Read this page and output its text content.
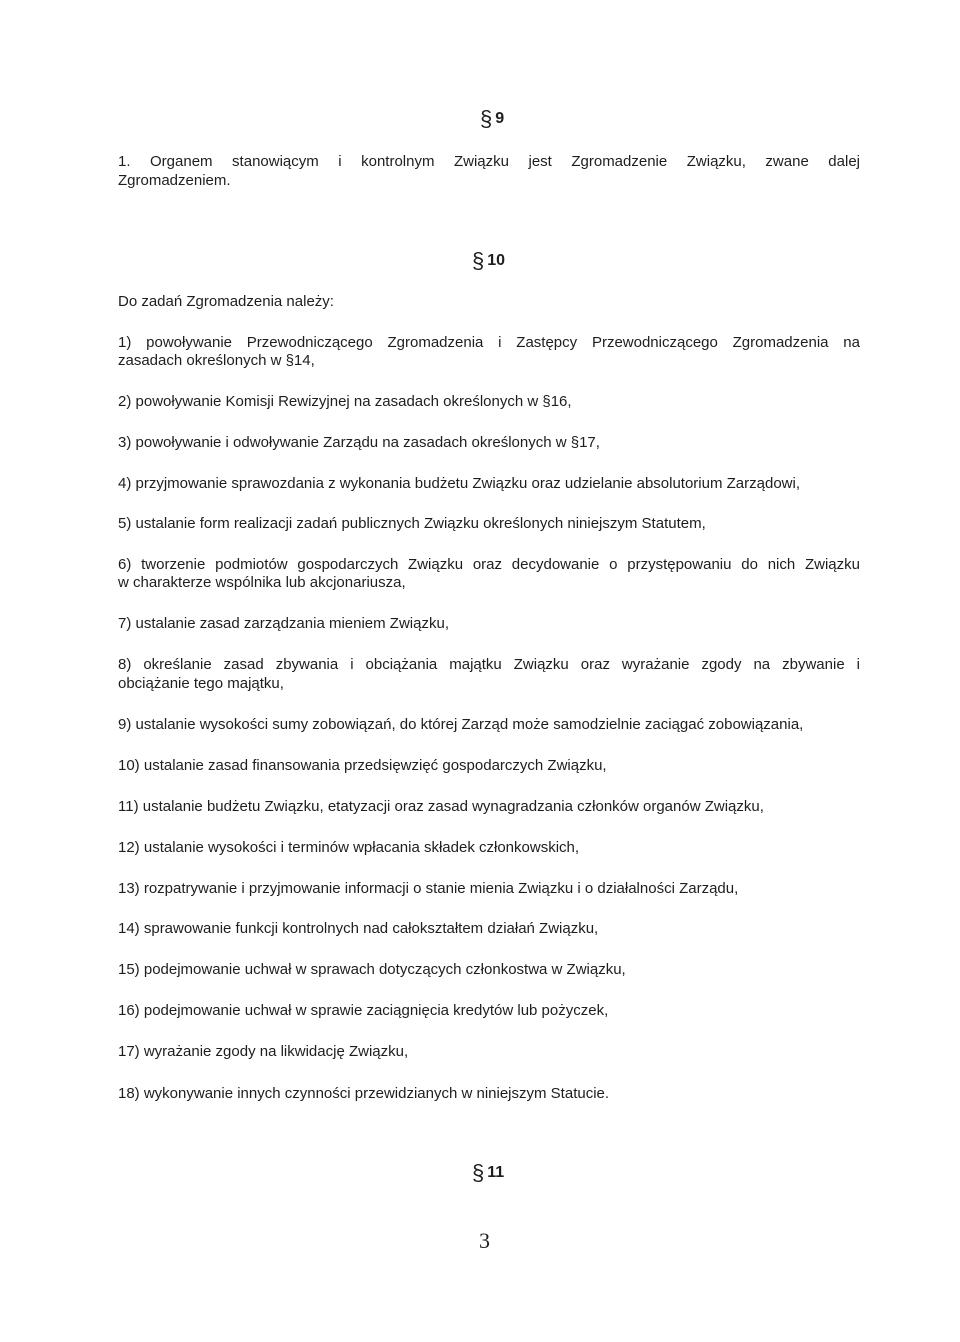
§ 9
1. Organem stanowiącym i kontrolnym Związku jest Zgromadzenie Związku, zwane dalej
Zgromadzeniem.
§ 10
Do zadań Zgromadzenia należy:
1) powoływanie Przewodniczącego Zgromadzenia i Zastępcy Przewodniczącego Zgromadzenia na
zasadach określonych w §14,
2) powoływanie Komisji Rewizyjnej na zasadach określonych w §16,
3) powoływanie i odwoływanie Zarządu na zasadach określonych w §17,
4) przyjmowanie sprawozdania z wykonania budżetu Związku oraz udzielanie absolutorium Zarządowi,
5) ustalanie form realizacji zadań publicznych Związku określonych niniejszym Statutem,
6) tworzenie podmiotów gospodarczych Związku oraz decydowanie o przystępowaniu do nich Związku
w charakterze wspólnika lub akcjonariusza,
7) ustalanie zasad zarządzania mieniem Związku,
8) określanie zasad zbywania i obciążania majątku Związku oraz wyrażanie zgody na zbywanie i
obciążanie tego majątku,
9) ustalanie wysokości sumy zobowiązań, do której Zarząd może samodzielnie zaciągać zobowiązania,
10) ustalanie zasad finansowania przedsięwzięć gospodarczych Związku,
11) ustalanie budżetu Związku, etatyzacji oraz zasad wynagradzania członków organów Związku,
12) ustalanie wysokości i terminów wpłacania składek członkowskich,
13) rozpatrywanie i przyjmowanie informacji o stanie mienia Związku i o działalności Zarządu,
14) sprawowanie funkcji kontrolnych nad całokształtem działań Związku,
15) podejmowanie uchwał w sprawach dotyczących członkostwa w Związku,
16) podejmowanie uchwał w sprawie zaciągnięcia kredytów lub pożyczek,
17) wyrażanie zgody na likwidację Związku,
18) wykonywanie innych czynności przewidzianych w niniejszym Statucie.
§ 11
3
